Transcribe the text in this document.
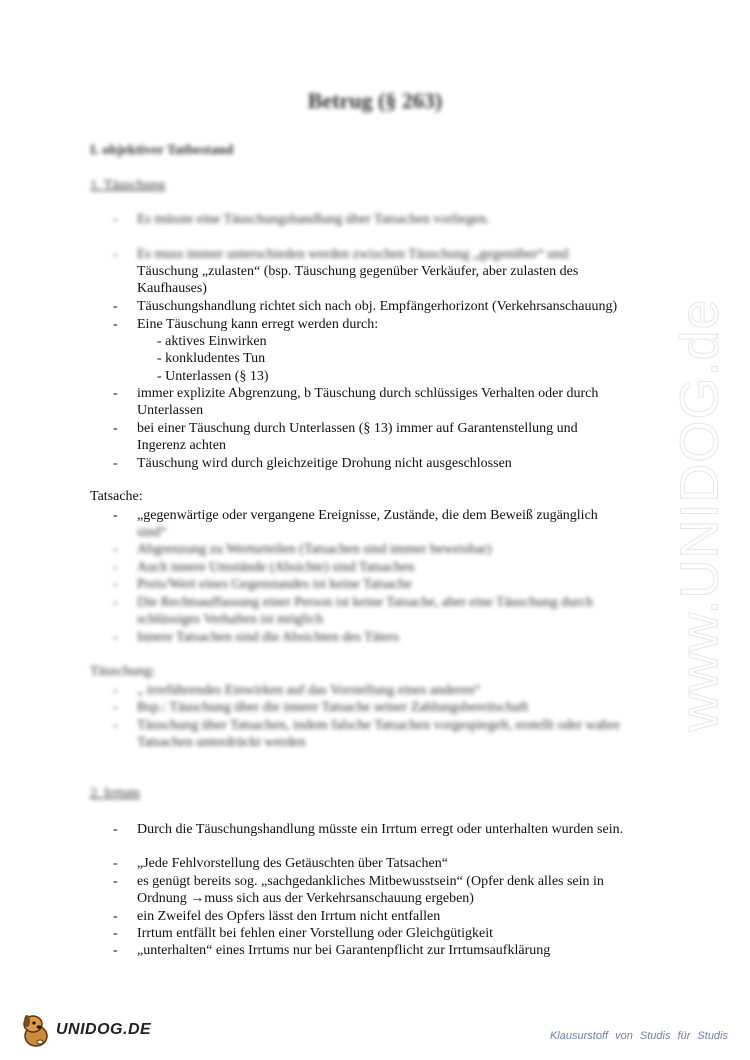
Betrug (§ 263)
I. objektiver Tatbestand
1. Täuschung
- Es müsste eine Täuschungshandlung über Tatsachen vorliegen.
- Es muss immer unterschieden werden zwischen Täuschung „gegenüber“ und
Täuschung „zulasten“ (bsp. Täuschung gegenüber Verkäufer, aber zulasten des
Kaufhauses)
- Täuschungshandlung richtet sich nach obj. Empfängerhorizont (Verkehrsanschauung)
- Eine Täuschung kann erregt werden durch:
- aktives Einwirken
- konkludentes Tun
- Unterlassen (§ 13)
- immer explizite Abgrenzung, b Täuschung durch schlüssiges Verhalten oder durch
Unterlassen
- bei einer Täuschung durch Unterlassen (§ 13) immer auf Garantenstellung und
Ingerenz achten
- Täuschung wird durch gleichzeitige Drohung nicht ausgeschlossen
Tatsache:
- „gegenwärtige oder vergangene Ereignisse, Zustände, die dem Beweiß zugänglich
sind“
- Abgrenzung zu Werturteilen (Tatsachen sind immer beweisbar)
- Auch innere Umstände (Absichte) sind Tatsachen
- Preis/Wert eines Gegenstandes ist keine Tatsache
- Die Rechtsauffassung einer Person ist keine Tatsache, aber eine Täuschung durch
schlüssiges Verhalten ist möglich
- Innere Tatsachen sind die Absichten des Täters
Täuschung:
- „ irreführendes Einwirken auf das Vorstellung eines anderen“
- Bsp.: Täuschung über die innere Tatsache seiner Zahlungsbereitschaft
- Täuschung über Tatsachen, indem falsche Tatsachen vorgespiegelt, erstellt oder wahre
Tatsachen unterdrückt werden
2. Irrtum
- Durch die Täuschungshandlung müsste ein Irrtum erregt oder unterhalten wurden sein.
- „Jede Fehlvorstellung des Getäuschten über Tatsachen“
- es genügt bereits sog. „sachgedankliches Mitbewusstsein“ (Opfer denk alles sein in
Ordnung →muss sich aus der Verkehrsanschauung ergeben)
- ein Zweifel des Opfers lässt den Irrtum nicht entfallen
- Irrtum entfällt bei fehlen einer Vorstellung oder Gleichgütigkeit
- „unterhalten“ eines Irrtums nur bei Garantenpflicht zur Irrtumsaufklärung
www.UNIDOG.de
UNIDOG.DE	Klausurstoff von Studis für Studis
